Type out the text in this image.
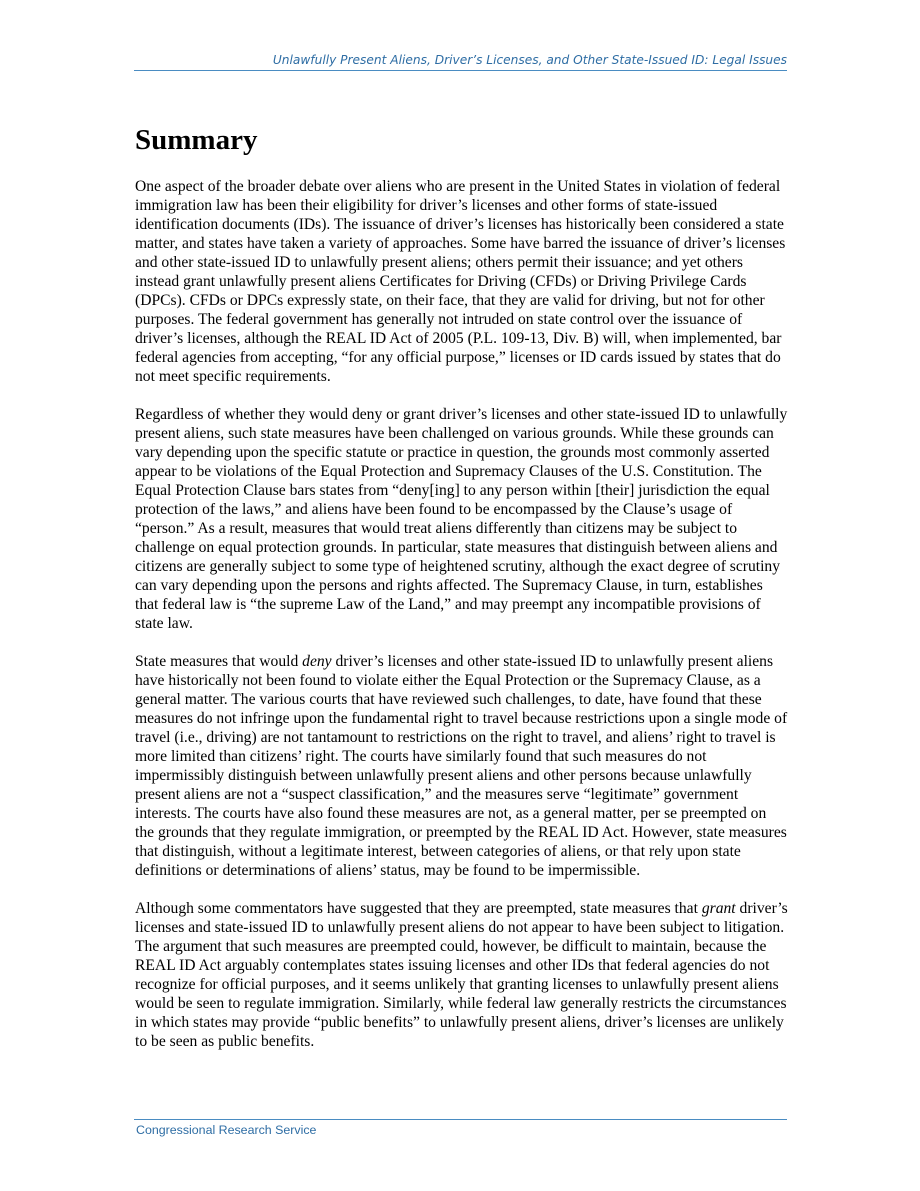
Unlawfully Present Aliens, Driver’s Licenses, and Other State-Issued ID: Legal Issues
Summary

One aspect of the broader debate over aliens who are present in the United States in violation of federal immigration law has been their eligibility for driver’s licenses and other forms of state-issued identification documents (IDs). The issuance of driver’s licenses has historically been considered a state matter, and states have taken a variety of approaches. Some have barred the issuance of driver’s licenses and other state-issued ID to unlawfully present aliens; others permit their issuance; and yet others instead grant unlawfully present aliens Certificates for Driving (CFDs) or Driving Privilege Cards (DPCs). CFDs or DPCs expressly state, on their face, that they are valid for driving, but not for other purposes. The federal government has generally not intruded on state control over the issuance of driver’s licenses, although the REAL ID Act of 2005 (P.L. 109-13, Div. B) will, when implemented, bar federal agencies from accepting, “for any official purpose,” licenses or ID cards issued by states that do not meet specific requirements.

Regardless of whether they would deny or grant driver’s licenses and other state-issued ID to unlawfully present aliens, such state measures have been challenged on various grounds. While these grounds can vary depending upon the specific statute or practice in question, the grounds most commonly asserted appear to be violations of the Equal Protection and Supremacy Clauses of the U.S. Constitution. The Equal Protection Clause bars states from “deny[ing] to any person within [their] jurisdiction the equal protection of the laws,” and aliens have been found to be encompassed by the Clause’s usage of “person.” As a result, measures that would treat aliens differently than citizens may be subject to challenge on equal protection grounds. In particular, state measures that distinguish between aliens and citizens are generally subject to some type of heightened scrutiny, although the exact degree of scrutiny can vary depending upon the persons and rights affected. The Supremacy Clause, in turn, establishes that federal law is “the supreme Law of the Land,” and may preempt any incompatible provisions of state law.

State measures that would deny driver’s licenses and other state-issued ID to unlawfully present aliens have historically not been found to violate either the Equal Protection or the Supremacy Clause, as a general matter. The various courts that have reviewed such challenges, to date, have found that these measures do not infringe upon the fundamental right to travel because restrictions upon a single mode of travel (i.e., driving) are not tantamount to restrictions on the right to travel, and aliens’ right to travel is more limited than citizens’ right. The courts have similarly found that such measures do not impermissibly distinguish between unlawfully present aliens and other persons because unlawfully present aliens are not a “suspect classification,” and the measures serve “legitimate” government interests. The courts have also found these measures are not, as a general matter, per se preempted on the grounds that they regulate immigration, or preempted by the REAL ID Act. However, state measures that distinguish, without a legitimate interest, between categories of aliens, or that rely upon state definitions or determinations of aliens’ status, may be found to be impermissible.

Although some commentators have suggested that they are preempted, state measures that grant driver’s licenses and state-issued ID to unlawfully present aliens do not appear to have been subject to litigation. The argument that such measures are preempted could, however, be difficult to maintain, because the REAL ID Act arguably contemplates states issuing licenses and other IDs that federal agencies do not recognize for official purposes, and it seems unlikely that granting licenses to unlawfully present aliens would be seen to regulate immigration. Similarly, while federal law generally restricts the circumstances in which states may provide “public benefits” to unlawfully present aliens, driver’s licenses are unlikely to be seen as public benefits.

Congressional Research Service
